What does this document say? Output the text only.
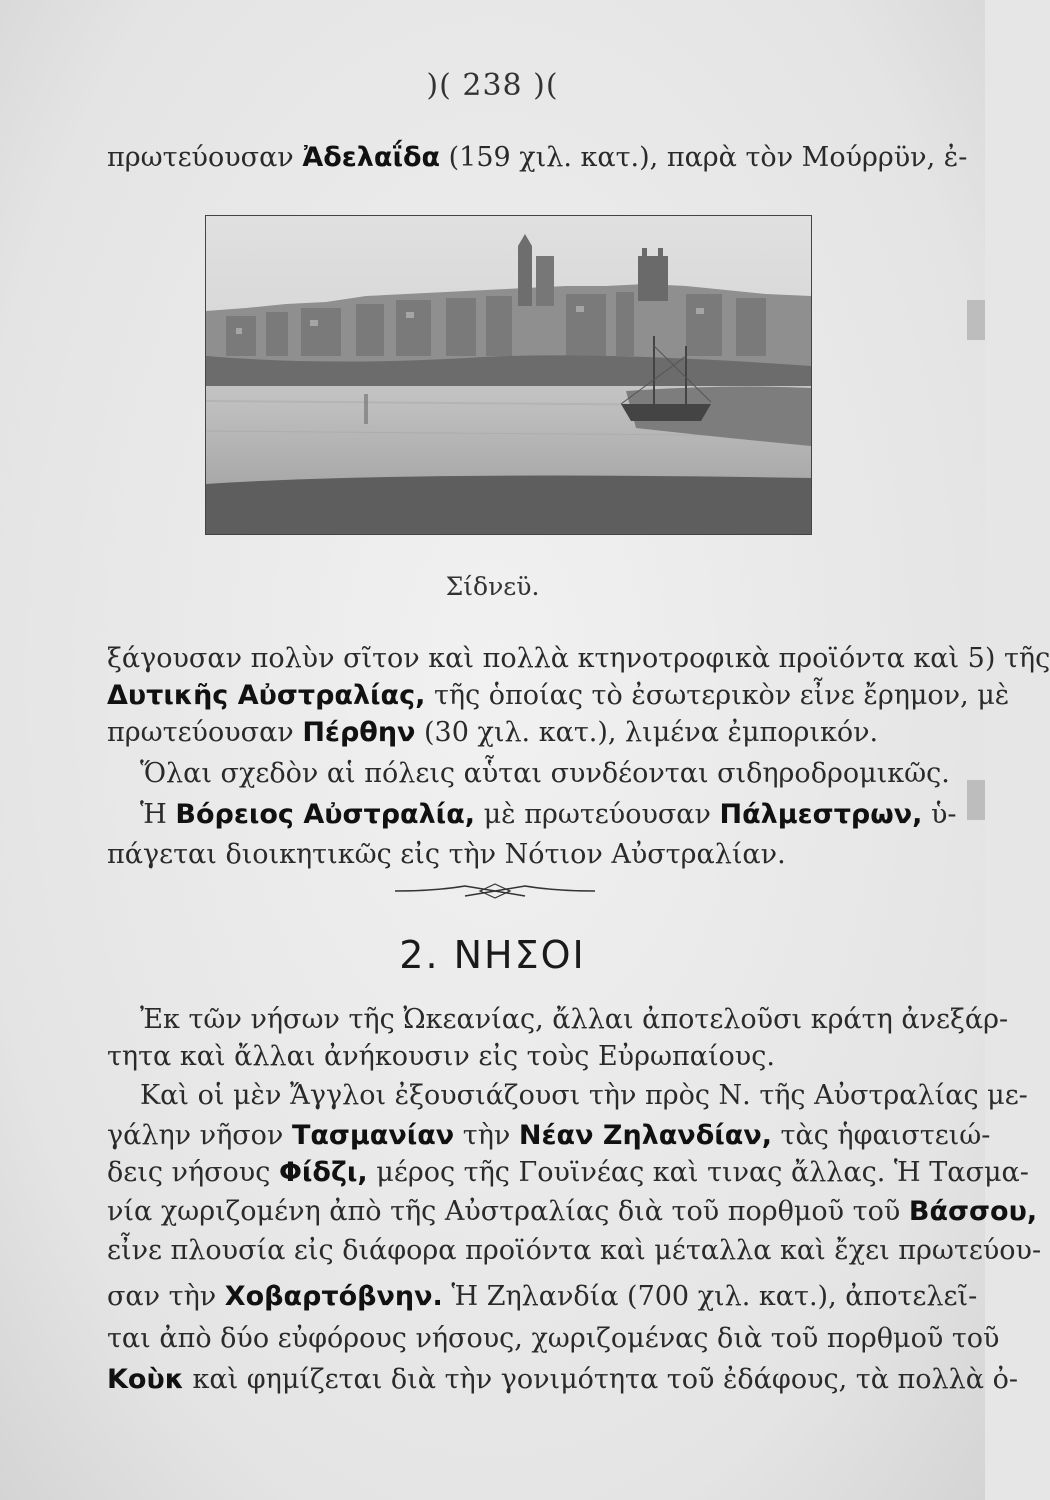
)( 238 )(
πρωτεύουσαν Ἀδελαΐδα (159 χιλ. κατ.), παρὰ τὸν Μούρρϋν, ἐ-
Σίδνεϋ.
ξάγουσαν πολὺν σῖτον καὶ πολλὰ κτηνοτροφικὰ προϊόντα καὶ 5) τῆς
Δυτικῆς Αὐστραλίας, τῆς ὁποίας τὸ ἐσωτερικὸν εἶνε ἔρημον, μὲ
πρωτεύουσαν Πέρθην (30 χιλ. κατ.), λιμένα ἐμπορικόν.
Ὅλαι σχεδὸν αἱ πόλεις αὗται συνδέονται σιδηροδρομικῶς.
Ἡ Βόρειος Αὐστραλία, μὲ πρωτεύουσαν Πάλμεστρων, ὑ-
πάγεται διοικητικῶς εἰς τὴν Νότιον Αὐστραλίαν.
2. ΝΗΣΟΙ
Ἐκ τῶν νήσων τῆς Ὠκεανίας, ἄλλαι ἀποτελοῦσι κράτη ἀνεξάρ-
τητα καὶ ἄλλαι ἀνήκουσιν εἰς τοὺς Εὐρωπαίους.
Καὶ οἱ μὲν Ἄγγλοι ἐξουσιάζουσι τὴν πρὸς Ν. τῆς Αὐστραλίας με-
γάλην νῆσον Τασμανίαν τὴν Νέαν Ζηλανδίαν, τὰς ἡφαιστειώ-
δεις νήσους Φίδζι, μέρος τῆς Γουϊνέας καὶ τινας ἄλλας. Ἡ Τασμα-
νία χωριζομένη ἀπὸ τῆς Αὐστραλίας διὰ τοῦ πορθμοῦ τοῦ Βάσσου,
εἶνε πλουσία εἰς διάφορα προϊόντα καὶ μέταλλα καὶ ἔχει πρωτεύου-
σαν τὴν Χοβαρτόβνην. Ἡ Ζηλανδία (700 χιλ. κατ.), ἀποτελεῖ-
ται ἀπὸ δύο εὐφόρους νήσους, χωριζομένας διὰ τοῦ πορθμοῦ τοῦ
Κοὺκ καὶ φημίζεται διὰ τὴν γονιμότητα τοῦ ἐδάφους, τὰ πολλὰ ὀ-
